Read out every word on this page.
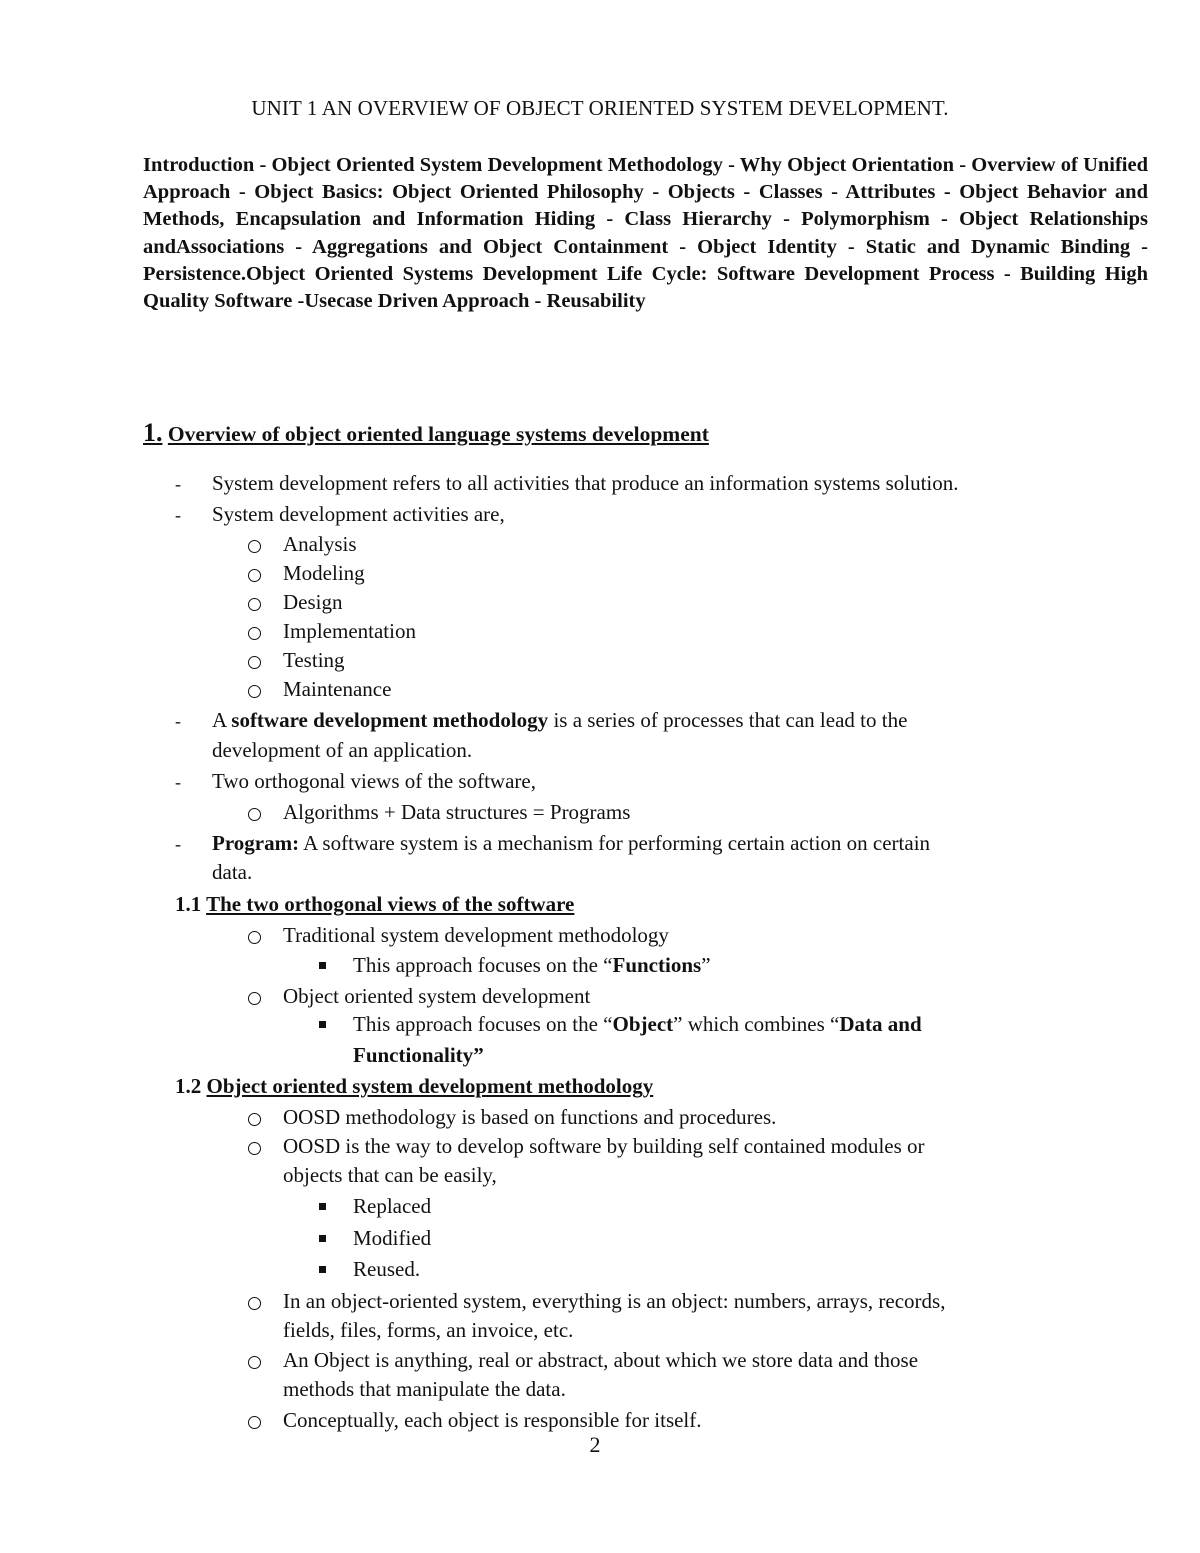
UNIT 1 AN OVERVIEW OF OBJECT ORIENTED SYSTEM DEVELOPMENT.

Introduction - Object Oriented System Development Methodology - Why Object Orientation - Overview of Unified Approach - Object Basics: Object Oriented Philosophy - Objects - Classes - Attributes - Object Behavior and Methods, Encapsulation and Information Hiding - Class Hierarchy - Polymorphism - Object Relationships andAssociations - Aggregations and Object Containment - Object Identity - Static and Dynamic Binding - Persistence.Object Oriented Systems Development Life Cycle: Software Development Process - Building High Quality Software -Usecase Driven Approach - Reusability

1. Overview of object oriented language systems development
- System development refers to all activities that produce an information systems solution.
- System development activities are,
Analysis
Modeling
Design
Implementation
Testing
Maintenance
- A software development methodology is a series of processes that can lead to the
development of an application.
- Two orthogonal views of the software,
Algorithms + Data structures = Programs
- Program: A software system is a mechanism for performing certain action on certain
data.
1.1 The two orthogonal views of the software
Traditional system development methodology
This approach focuses on the “Functions”
Object oriented system development
This approach focuses on the “Object” which combines “Data and
Functionality”
1.2 Object oriented system development methodology
OOSD methodology is based on functions and procedures.
OOSD is the way to develop software by building self contained modules or
objects that can be easily,
Replaced
Modified
Reused.
In an object-oriented system, everything is an object: numbers, arrays, records,
fields, files, forms, an invoice, etc.
An Object is anything, real or abstract, about which we store data and those
methods that manipulate the data.
Conceptually, each object is responsible for itself.
2
